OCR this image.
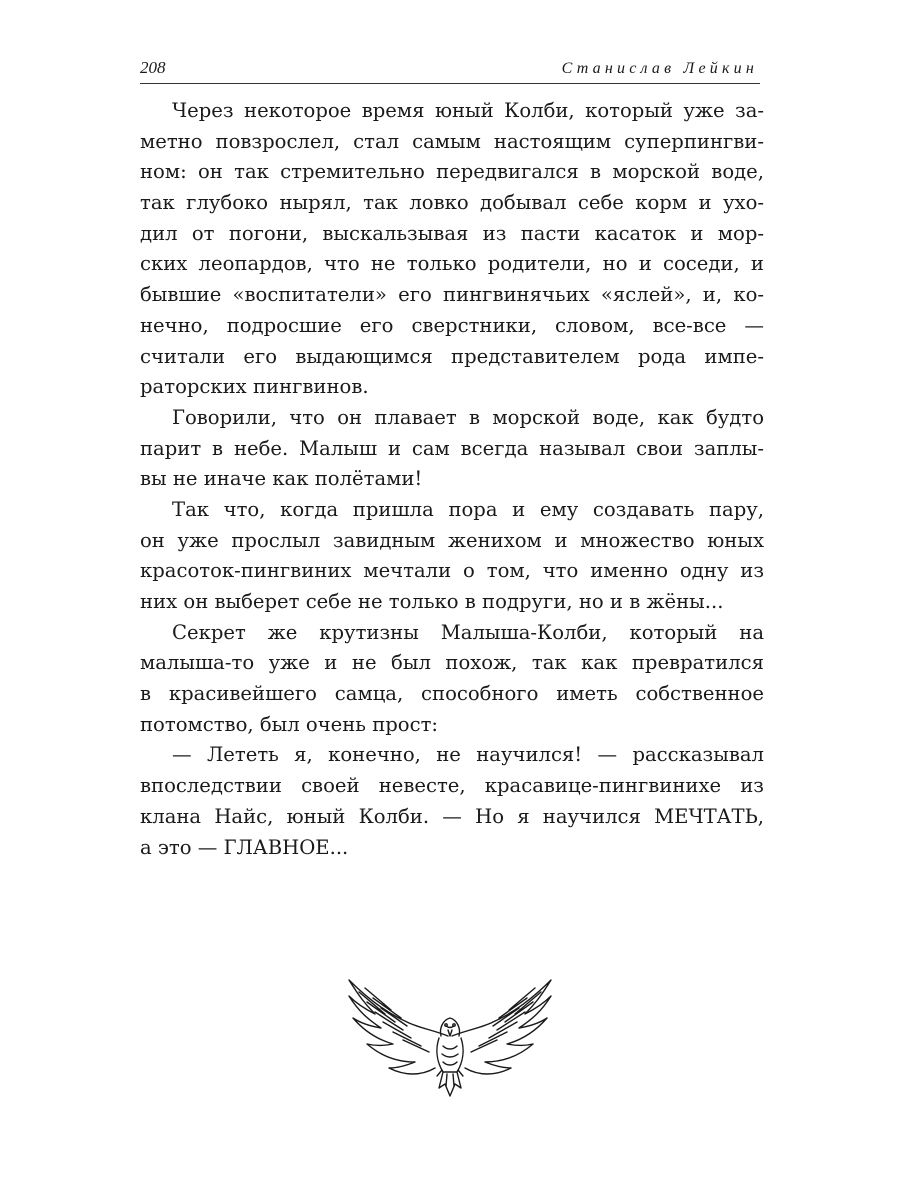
208	Станислав Лейкин
Через некоторое время юный Колби, который уже за-
метно повзрослел, стал самым настоящим суперпингви-
ном: он так стремительно передвигался в морской воде,
так глубоко нырял, так ловко добывал себе корм и ухо-
дил от погони, выскальзывая из пасти касаток и мор-
ских леопардов, что не только родители, но и соседи, и
бывшие «воспитатели» его пингвинячьих «яслей», и, ко-
нечно, подросшие его сверстники, словом, все-все —
считали его выдающимся представителем рода импе-
раторских пингвинов.
Говорили, что он плавает в морской воде, как будто
парит в небе. Малыш и сам всегда называл свои заплы-
вы не иначе как полётами!
Так что, когда пришла пора и ему создавать пару,
он уже прослыл завидным женихом и множество юных
красоток-пингвиних мечтали о том, что именно одну из
них он выберет себе не только в подруги, но и в жёны...
Секрет же крутизны Малыша-Колби, который на
малыша-то уже и не был похож, так как превратился
в красивейшего самца, способного иметь собственное
потомство, был очень прост:
— Лететь я, конечно, не научился! — рассказывал
впоследствии своей невесте, красавице-пингвинихе из
клана Найс, юный Колби. — Но я научился МЕЧТАТЬ,
а это — ГЛАВНОЕ...
